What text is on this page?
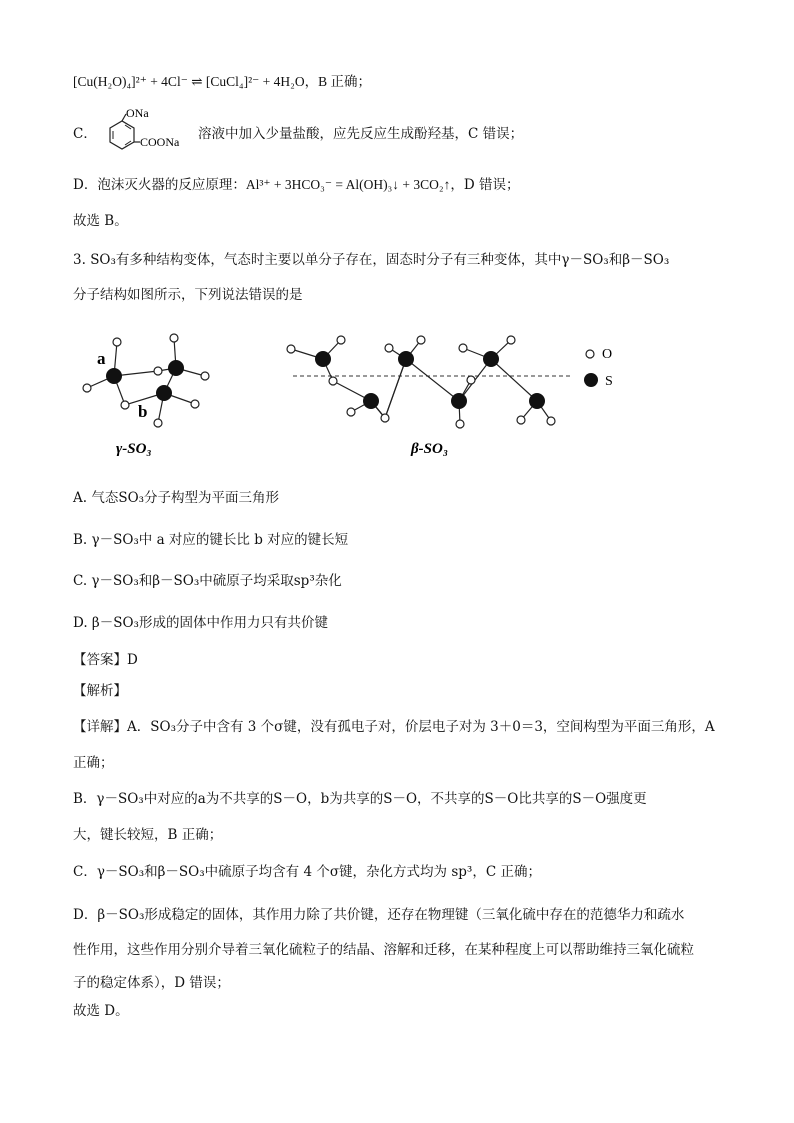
[Cu(H₂O)₄]²⁺ + 4Cl⁻ ⇌ [CuCl₄]²⁻ + 4H₂O，B 正确；
C．
ONa
COONa 溶液中加入少量盐酸，应先反应生成酚羟基，C 错误；
D．泡沫灭火器的反应原理：Al³⁺ + 3HCO₃⁻ = Al(OH)₃↓ + 3CO₂↑，D 错误；
故选 B。
3. SO₃有多种结构变体，气态时主要以单分子存在，固态时分子有三种变体，其中γ－SO₃和β－SO₃
分子结构如图所示，下列说法错误的是
a
b
γ-SO₃
O
S
β-SO₃
A. 气态SO₃分子构型为平面三角形
B. γ－SO₃中 a 对应的键长比 b 对应的键长短
C. γ－SO₃和β－SO₃中硫原子均采取sp³杂化
D. β－SO₃形成的固体中作用力只有共价键
【答案】D
【解析】
【详解】A．SO₃分子中含有 3 个σ键，没有孤电子对，价层电子对为 3＋0＝3，空间构型为平面三角形，A
正确；
B．γ－SO₃中对应的a为不共享的S－O，b为共享的S－O，不共享的S－O比共享的S－O强度更
大，键长较短，B 正确；
C．γ－SO₃和β－SO₃中硫原子均含有 4 个σ键，杂化方式均为 sp³，C 正确；
D．β－SO₃形成稳定的固体，其作用力除了共价键，还存在物理键（三氧化硫中存在的范德华力和疏水
性作用，这些作用分别介导着三氧化硫粒子的结晶、溶解和迁移，在某种程度上可以帮助维持三氧化硫粒
子的稳定体系），D 错误；
故选 D。
